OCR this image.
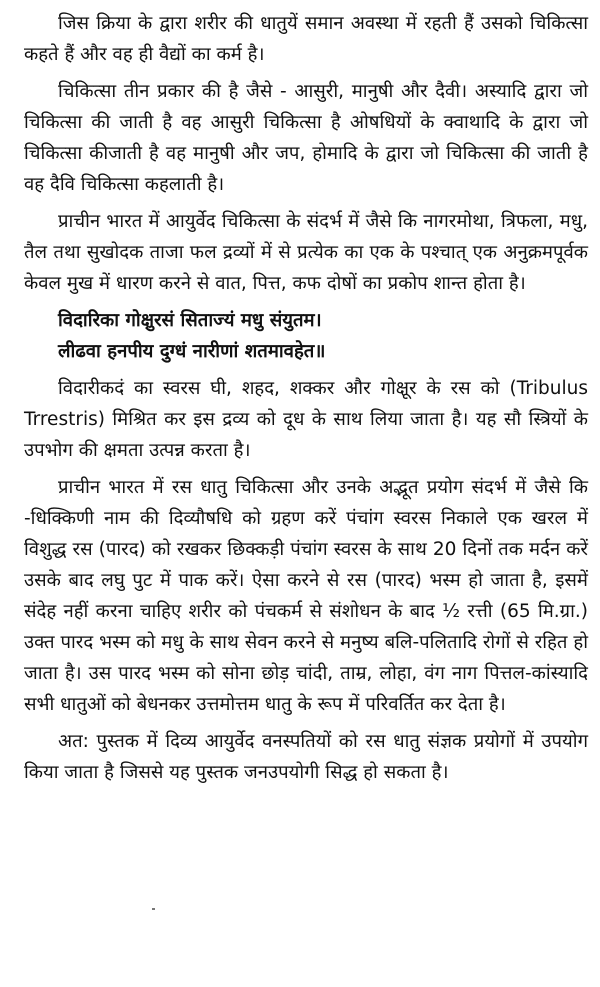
जिस क्रिया के द्वारा शरीर की धातुयें समान अवस्था में रहती हैं उसको चिकित्सा कहते हैं और वह ही वैद्यों का कर्म है।

चिकित्सा तीन प्रकार की है जैसे - आसुरी, मानुषी और दैवी। अस्यादि द्वारा जो चिकित्सा की जाती है वह आसुरी चिकित्सा है ओषधियों के क्वाथादि के द्वारा जो चिकित्सा कीजाती है वह मानुषी और जप, होमादि के द्वारा जो चिकित्सा की जाती है वह दैवि चिकित्सा कहलाती है।

प्राचीन भारत में आयुर्वेद चिकित्सा के संदर्भ में जैसे कि नागरमोथा, त्रिफला, मधु, तैल तथा सुखोदक ताजा फल द्रव्यों में से प्रत्येक का एक के पश्चात् एक अनुक्रमपूर्वक केवल मुख में धारण करने से वात, पित्त, कफ दोषों का प्रकोप शान्त होता है।

विदारिका गोक्षुरसं सिताज्यं मधु संयुतम।
लीढवा हनपीय दुग्धं नारीणां शतमावहेत॥

विदारीकदं का स्वरस घी, शहद, शक्कर और गोक्षूर के रस को (Tribulus Trrestris) मिश्रित कर इस द्रव्य को दूध के साथ लिया जाता है। यह सौ स्त्रियों के उपभोग की क्षमता उत्पन्न करता है।

प्राचीन भारत में रस धातु चिकित्सा और उनके अद्भूत प्रयोग संदर्भ में जैसे कि -धिक्किणी नाम की दिव्यौषधि को ग्रहण करें पंचांग स्वरस निकाले एक खरल में विशुद्ध रस (पारद) को रखकर छिक्कड़ी पंचांग स्वरस के साथ 20 दिनों तक मर्दन करें उसके बाद लघु पुट में पाक करें। ऐसा करने से रस (पारद) भस्म हो जाता है, इसमें संदेह नहीं करना चाहिए शरीर को पंचकर्म से संशोधन के बाद ½ रत्ती (65 मि.ग्रा.) उक्त पारद भस्म को मधु के साथ सेवन करने से मनुष्य बलि-पलितादि रोगों से रहित हो जाता है। उस पारद भस्म को सोना छोड़ चांदी, ताम्र, लोहा, वंग नाग पित्तल-कांस्यादि सभी धातुओं को बेधनकर उत्तमोत्तम धातु के रूप में परिवर्तित कर देता है।

अत: पुस्तक में दिव्य आयुर्वेद वनस्पतियों को रस धातु संज्ञक प्रयोगों में उपयोग किया जाता है जिससे यह पुस्तक जनउपयोगी सिद्ध हो सकता है।
